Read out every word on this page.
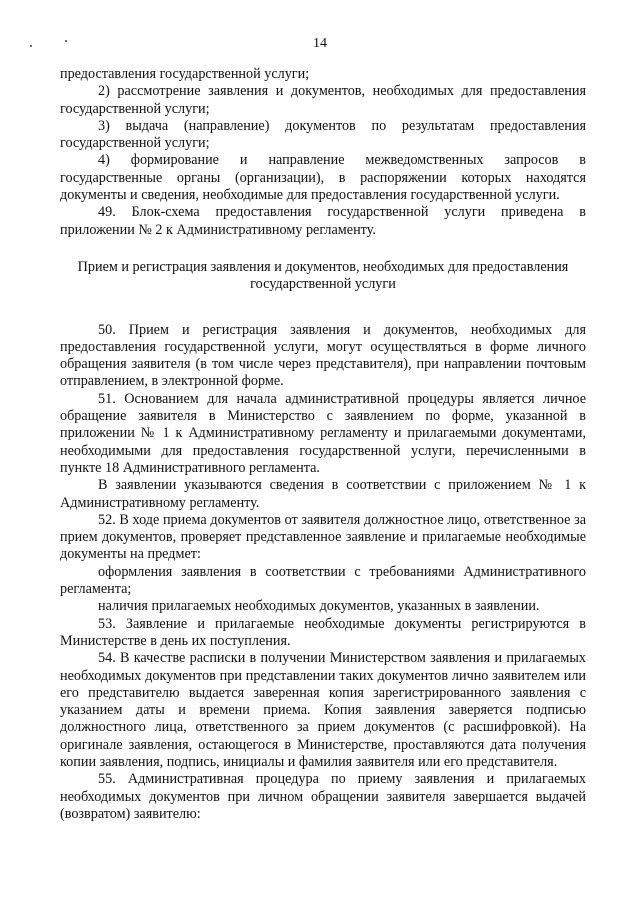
14

предоставления государственной услуги;

2) рассмотрение заявления и документов, необходимых для предоставления государственной услуги;

3) выдача (направление) документов по результатам предоставления государственной услуги;

4) формирование и направление межведомственных запросов в государственные органы (организации), в распоряжении которых находятся документы и сведения, необходимые для предоставления государственной услуги.

49. Блок-схема предоставления государственной услуги приведена в приложении № 2 к Административному регламенту.

Прием и регистрация заявления и документов, необходимых для предоставления государственной услуги

50. Прием и регистрация заявления и документов, необходимых для предоставления государственной услуги, могут осуществляться в форме личного обращения заявителя (в том числе через представителя), при направлении почтовым отправлением, в электронной форме.

51. Основанием для начала административной процедуры является личное обращение заявителя в Министерство с заявлением по форме, указанной в приложении № 1 к Административному регламенту и прилагаемыми документами, необходимыми для предоставления государственной услуги, перечисленными в пункте 18 Административного регламента.

В заявлении указываются сведения в соответствии с приложением № 1 к Административному регламенту.

52. В ходе приема документов от заявителя должностное лицо, ответственное за прием документов, проверяет представленное заявление и прилагаемые необходимые документы на предмет:

оформления заявления в соответствии с требованиями Административного регламента;

наличия прилагаемых необходимых документов, указанных в заявлении.

53. Заявление и прилагаемые необходимые документы регистрируются в Министерстве в день их поступления.

54. В качестве расписки в получении Министерством заявления и прилагаемых необходимых документов при представлении таких документов лично заявителем или его представителю выдается заверенная копия зарегистрированного заявления с указанием даты и времени приема. Копия заявления заверяется подписью должностного лица, ответственного за прием документов (с расшифровкой). На оригинале заявления, остающегося в Министерстве, проставляются дата получения копии заявления, подпись, инициалы и фамилия заявителя или его представителя.

55. Административная процедура по приему заявления и прилагаемых необходимых документов при личном обращении заявителя завершается выдачей (возвратом) заявителю:
